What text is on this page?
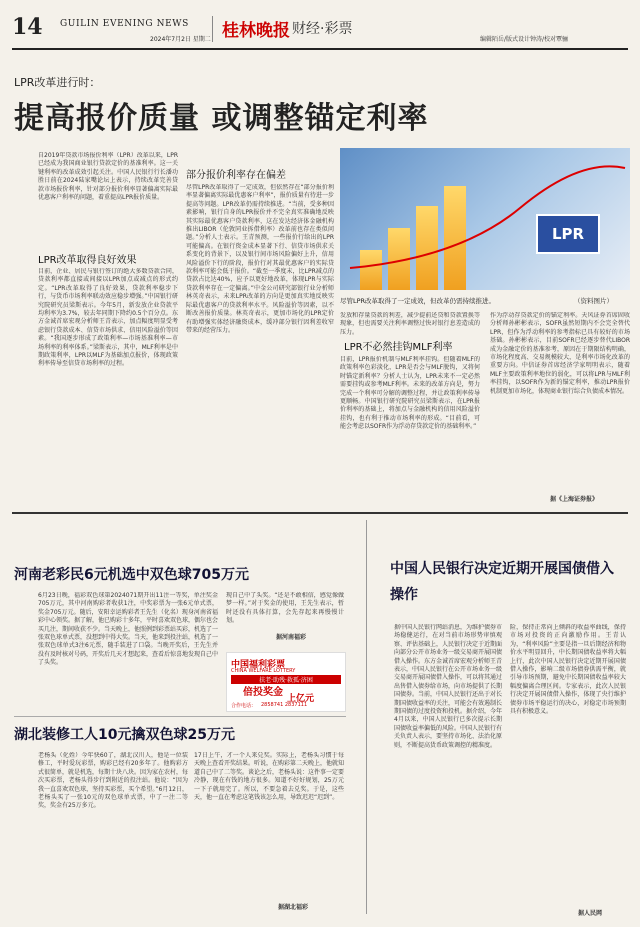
14 GUILIN EVENING NEWS
2024年7月2日 星期二 桂林晚报 财经·彩票
编辑陌岳/版式设计钟涛/校对覃骊
LPR改革进行时：
提高报价质量 或调整锚定利率
自2019年贷款市场报价利率（LPR）改革以来，LPR已经成为我国商业银行贷款定价的基准利率。这一关键利率的改革成效引起关注。中国人民银行行长潘功胜日前在2024陆家嘴论坛上表示，持续改革完善贷款市场报价利率，针对部分报价利率显著偏离实际最优惠客户利率的问题，着重提高LPR报价质量。
LPR改革取得良好效果
目前，企业、居民与银行签订的绝大多数贷款合同，贷款利率都直接或间接以LPR加点或减点的形式约定。“LPR改革取得了良好效果，贷款利率稳步下行，与货币市场利率联动效应稳步增强。”中国银行研究院研究员梁斯表示。今年5月，新发放企业贷款平均利率为3.7%，较去年同期下降约0.5个百分点。东方金诚首席宏观分析师王青表示，加点幅度明显受考虑银行贷款成本、信贷市场供求、信用风险溢价等因素。“我国逐步形成了政策利率—市场基准利率—市场利率的利率体系。”梁斯表示，其中，MLF利率是中期政策利率，LPR以MLF为基础加点报价，体现政策利率传导至信贷市场利率的过程。
部分报价利率存在偏差
尽管LPR改革取得了一定成效，但依然存在“部分报价利率显著偏离实际最优惠客户利率”，报价质量有待进一步提高等问题。LPR改革仍需持续推进。“当前，受多种因素影响，银行自身的LPR报价并不完全真实准确地反映其实际最优惠客户贷款利率，这在发达经济体金融机构推出LIBOR（伦敦同业拆借利率）改革前也存在类似问题。”分析人士表示。王青预测，一些报价行给出的LPR可能偏高。在银行资金成本显著下行、信贷市场供求关系变化的背景下，以及银行间市场风险偏好上升，信用风险溢价下行的阶段，报价行对其最优惠客户的实际贷款利率可能会低于报价。“截至一季度末，比LPR减点的贷款占比达40%，应予以更好地改革，体现LPR与实际贷款利率存在一定偏离。”中金公司研究部银行业分析师林英奇表示，未来LPR改革的方向是更加真实地反映实际最优惠客户的贷款利率水平。风险溢价等因素，以不断改善报价质量。林英奇表示，更加市场化的LPR定价有助增强实体经济融资成本，缓冲部分银行因利差收窄带来的经营压力。
LPR
尽管LPR改革取得了一定成效，但改革仍需持续推进。	（资料图片）
发放和存量贷款的利差，减少提前还贷和贷款置换等现象，但也需要关注利率调整过快对银行息差造成的压力。
LPR不必然挂钩MLF利率
目前，LPR报价机制与MLF利率挂钩。但随着MLF的政策利率色彩淡化，LPR是否会与MLF脱钩，又将何时锚定新利率？分析人士认为，LPR未来不一定必然需要挂钩或参考MLF利率。未来的改革方向是，努力完成一个利率可分解的调整过程，并让政策利率传导更顺畅。中国银行研究院研究员梁斯表示，在LPR报价利率的基础上，将加点与金融机构的信用风险溢价挂钩，也有利于推动市场利率的形成。“目前看，可能会考虑以SOFR作为浮动存贷款定价的基础利率。”
作为浮动存贷款定价的锚定利率。天风证券首席固收分析师孙彬彬表示，SOFR虽然短期内不会完全替代LPR，但作为浮动利率的参考指标已具有较好的市场基础。孙彬彬表示，目前SOFR已经逐步替代LIBOR成为金融定价的基准参考，原因在于期限结构明确，市场化程度高、交易规模较大，是利率市场化改革的重要方向。中信证券首席经济学家明明表示，随着MLF主要政策利率地位的弱化，可以将LPR与MLF利率挂钩，以SOFR作为新的锚定利率，推动LPR报价机制更加市场化，体现商业银行综合负债成本情况。
据《上海证券报》
河南老彩民6元机选中双色球705万元
6月23日晚，福彩双色球第2024071期开出11注一等奖，单注奖金705万元，其中河南购彩者收获1注，中奖彩票为一张6元单式票，奖金705万元。随后，安阳幸运购彩者王先生（化名）现身河南省福彩中心领奖。据了解，他已购彩十多年，平时喜欢双色球，偶尔也会买几注，期间收获不少。当天晚上，他照例到彩票站买彩，机选了一张双色球单式票，没想到中得大奖。当天，他来到投注站，机选了一张双色球单式3注6元票，随手装进了口袋。当晚开奖后，王先生并没有及时核对号码，开奖后几天才想起来，查看后惊喜地发现自己中了头奖。
现自己中了头奖。“还是不敢相信，感觉像做梦一样。”对于奖金的使用，王先生表示，暂时还没有具体打算，会先存起来再慢慢计划。
据河南福彩
中国福利彩票
CHINA WELFARE LOTTERY
扶老·助残·救孤·济困
倍投奖金
上亿元
合作电话： 2858741 2837111
湖北装修工人10元擒双色球25万元
老杨头（化姓）今年快60了，湖北汉川人，他是一位装修工，平时爱玩彩票，购彩已经有20多年了。他购彩方式很简单，就是机选，每期十块八块。因为家在农村，每次买彩票，老杨头得步行到附近的投注站。他说：“因为我一直喜欢双色球，坚持买彩票，买个希望。”6月12日，老杨头买了一张10元的双色球单式票，中了一注二等奖，奖金有25万多元。
17日上午，才一个人来兑奖。实际上，老杨头习惯于每天晚上查看开奖结果。听说，在购彩第二天晚上，他就知道自己中了二等奖。谈论之后，老杨头说：这件事一定要冷静，现在有钱的地方很多。知道不好好规划，25万元一下子就用完了。所以，不要急着去兑奖。于是，这些天，他一直在考虑这笔钱该怎么用，导致迟迟“迟到”。
据湖北福彩
中国人民银行决定近期开展国债借入操作
据中国人民银行网站消息，为维护债券市场稳健运行，在对当前市场形势审慎观察、评估基础上，人民银行决定于近期面向部分公开市场业务一级交易商开展国债借入操作。东方金诚首席宏观分析师王青表示，中国人民银行在公开市场业务一级交易商开展国债借入操作，可以将其通过出售借入债券给市场，向市场提供了长期国债券。当前，中国人民银行还出于对长期国债收益率的关注，可能会有效遏制长期国债的过度投资和投机。据介绍，今年4月以来，中国人民银行已多次提示长期国债收益率偏低的风险。中国人民银行有关负责人表示，要坚持市场化、法治化原则，不断提高货币政策调控的精准度。
险，保持正常向上倾斜的收益率曲线，保持市场对投资的正向激励作用。王青认为，“利率风险”主要是指一旦后期经济和物价水平明显回升，中长期国债收益率将大幅上行，此次中国人民银行决定近期开展国债借入操作，影响二级市场债券供需平衡，就引导市场预期，避免中长期国债收益率较大幅度偏离合理区间。专家表示，此次人民银行决定开展国债借入操作，体现了央行维护债券市场平稳运行的决心，对稳定市场预期具有积极意义。
据人民网
